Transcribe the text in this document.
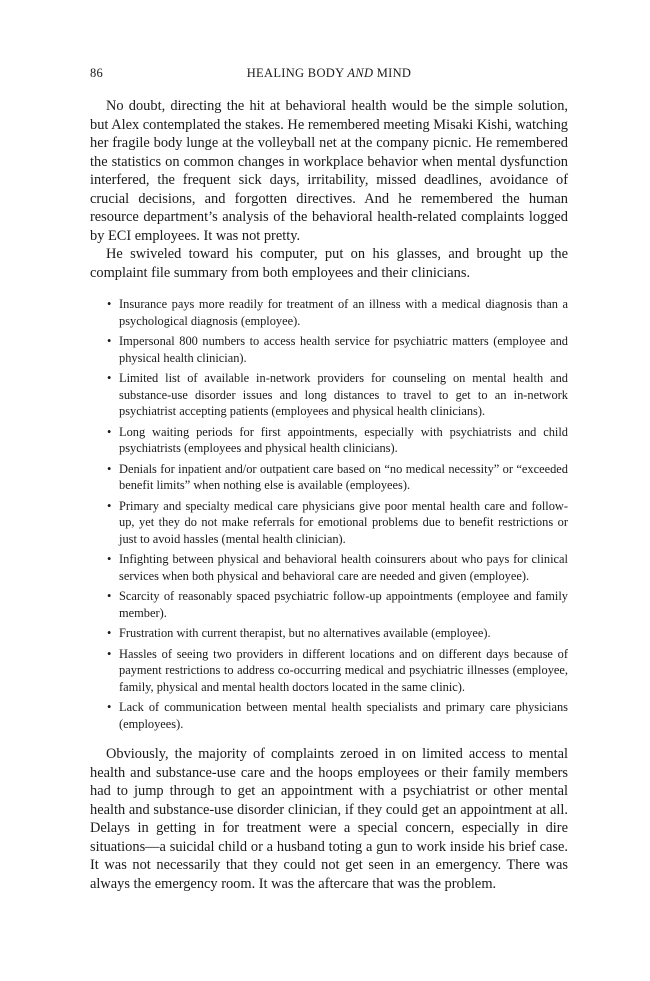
86	HEALING BODY AND MIND

No doubt, directing the hit at behavioral health would be the simple solution, but Alex contemplated the stakes. He remembered meeting Misaki Kishi, watching her fragile body lunge at the volleyball net at the company picnic. He remembered the statistics on common changes in workplace behavior when mental dysfunction interfered, the frequent sick days, irritability, missed deadlines, avoidance of crucial decisions, and forgotten directives. And he remembered the human resource department’s analysis of the behavioral health-related complaints logged by ECI employees. It was not pretty.

He swiveled toward his computer, put on his glasses, and brought up the complaint file summary from both employees and their clinicians.

• Insurance pays more readily for treatment of an illness with a medical diagnosis than a psychological diagnosis (employee).
• Impersonal 800 numbers to access health service for psychiatric matters (employee and physical health clinician).
• Limited list of available in-network providers for counseling on mental health and substance-use disorder issues and long distances to travel to get to an in-network psychiatrist accepting patients (employees and physical health clinicians).
• Long waiting periods for first appointments, especially with psychiatrists and child psychiatrists (employees and physical health clinicians).
• Denials for inpatient and/or outpatient care based on “no medical necessity” or “exceeded benefit limits” when nothing else is available (employees).
• Primary and specialty medical care physicians give poor mental health care and follow-up, yet they do not make referrals for emotional problems due to benefit restrictions or just to avoid hassles (mental health clinician).
• Infighting between physical and behavioral health coinsurers about who pays for clinical services when both physical and behavioral care are needed and given (employee).
• Scarcity of reasonably spaced psychiatric follow-up appointments (employee and family member).
• Frustration with current therapist, but no alternatives available (employee).
• Hassles of seeing two providers in different locations and on different days because of payment restrictions to address co-occurring medical and psychiatric illnesses (employee, family, physical and mental health doctors located in the same clinic).
• Lack of communication between mental health specialists and primary care physicians (employees).

Obviously, the majority of complaints zeroed in on limited access to mental health and substance-use care and the hoops employees or their family members had to jump through to get an appointment with a psychiatrist or other mental health and substance-use disorder clinician, if they could get an appointment at all. Delays in getting in for treatment were a special concern, especially in dire situations—a suicidal child or a husband toting a gun to work inside his brief case. It was not necessarily that they could not get seen in an emergency. There was always the emergency room. It was the aftercare that was the problem.
